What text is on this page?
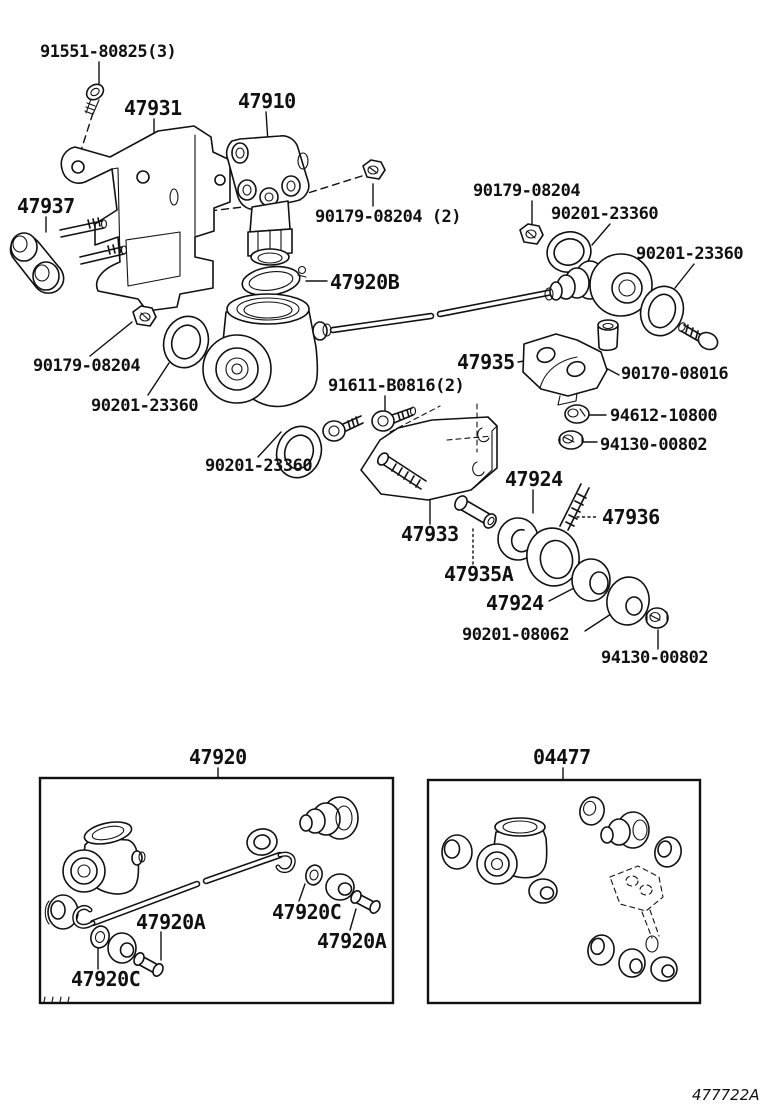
91551-80825(3)
47931	47910
47937	90179-08204 (2)
90179-08204
90201-23360
90201-23360
47920B
90179-08204
90201-23360
47935	90170-08016
91611-B0816(2)
94612-10800
94130-00802
90201-23360
47924
47936
47933
47935A
47924
90201-08062
94130-00802
47920	04477
47920A
47920C
47920C
47920A
477722A
